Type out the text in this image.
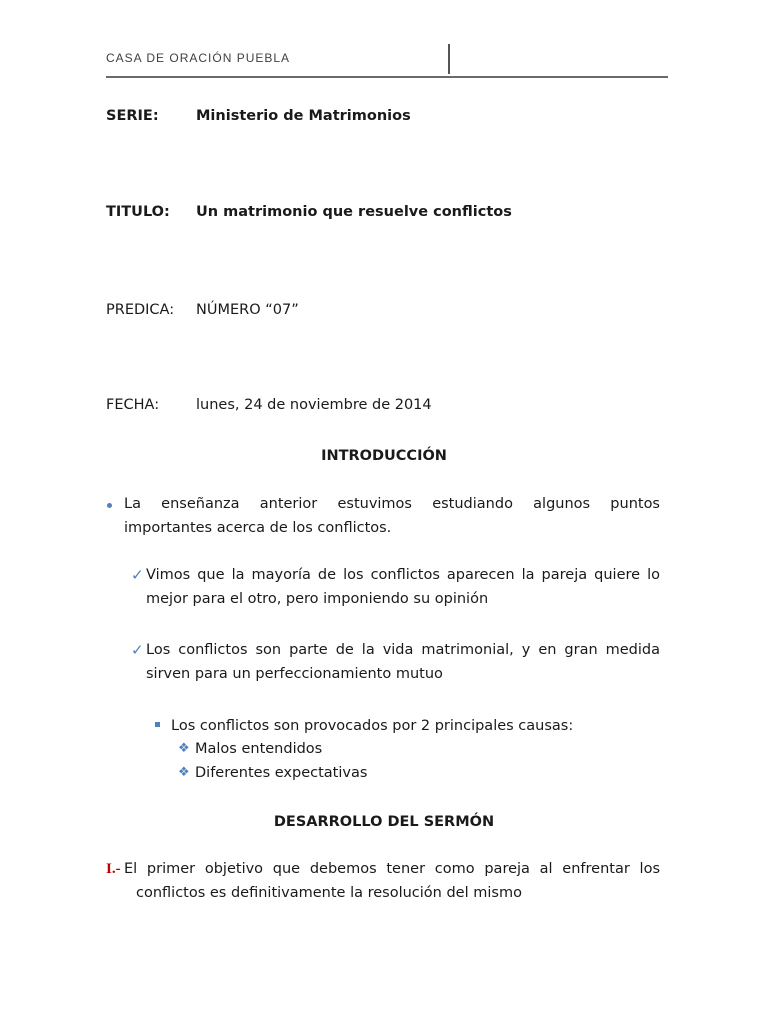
CASA DE ORACIÓN PUEBLA
SERIE:	Ministerio de Matrimonios
TITULO: Un matrimonio que resuelve conflictos
PREDICA: NÚMERO “07”
FECHA:	lunes, 24 de noviembre de 2014
INTRODUCCIÓN
La enseñanza anterior estuvimos estudiando algunos puntos
importantes acerca de los conflictos.
✓ Vimos que la mayoría de los conflictos aparecen la pareja quiere lo
mejor para el otro, pero imponiendo su opinión
✓ Los conflictos son parte de la vida matrimonial, y en gran medida
sirven para un perfeccionamiento mutuo
Los conflictos son provocados por 2 principales causas:
❖ Malos entendidos
❖ Diferentes expectativas
DESARROLLO DEL SERMÓN
I.- El primer objetivo que debemos tener como pareja al enfrentar los
conflictos es definitivamente la resolución del mismo
